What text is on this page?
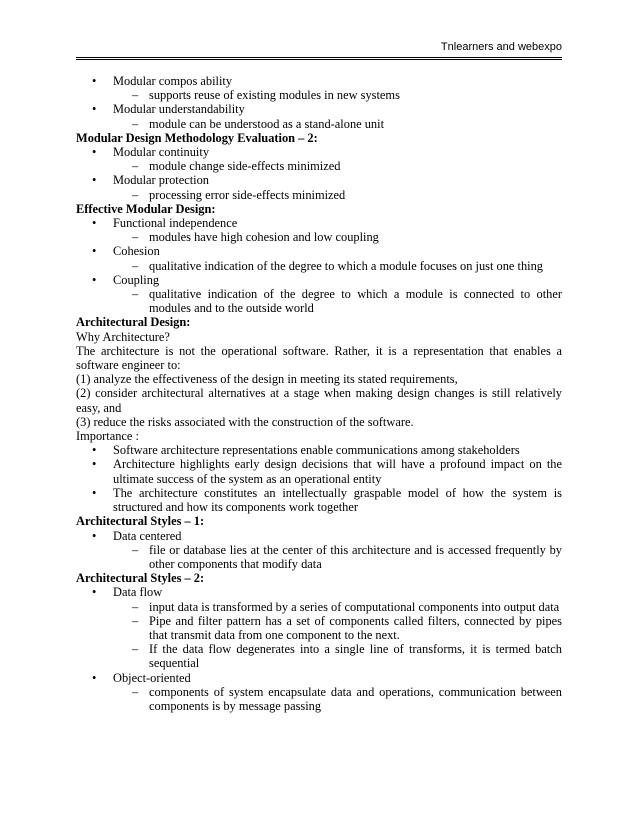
Tnlearners and webexpo
• Modular compos ability
– supports reuse of existing modules in new systems
• Modular understandability
– module can be understood as a stand-alone unit
Modular Design Methodology Evaluation – 2:
• Modular continuity
– module change side-effects minimized
• Modular protection
– processing error side-effects minimized
Effective Modular Design:
• Functional independence
– modules have high cohesion and low coupling
• Cohesion
– qualitative indication of the degree to which a module focuses on just one thing
• Coupling
– qualitative indication of the degree to which a module is connected to other modules and to the outside world
Architectural Design:
Why Architecture?
The architecture is not the operational software. Rather, it is a representation that enables a software engineer to:
(1) analyze the effectiveness of the design in meeting its stated requirements,
(2) consider architectural alternatives at a stage when making design changes is still relatively easy, and
(3) reduce the risks associated with the construction of the software.
Importance :
• Software architecture representations enable communications among stakeholders
• Architecture highlights early design decisions that will have a profound impact on the ultimate success of the system as an operational entity
• The architecture constitutes an intellectually graspable model of how the system is structured and how its components work together
Architectural Styles – 1:
• Data centered
– file or database lies at the center of this architecture and is accessed frequently by other components that modify data
Architectural Styles – 2:
• Data flow
– input data is transformed by a series of computational components into output data
– Pipe and filter pattern has a set of components called filters, connected by pipes that transmit data from one component to the next.
– If the data flow degenerates into a single line of transforms, it is termed batch sequential
• Object-oriented
– components of system encapsulate data and operations, communication between components is by message passing
